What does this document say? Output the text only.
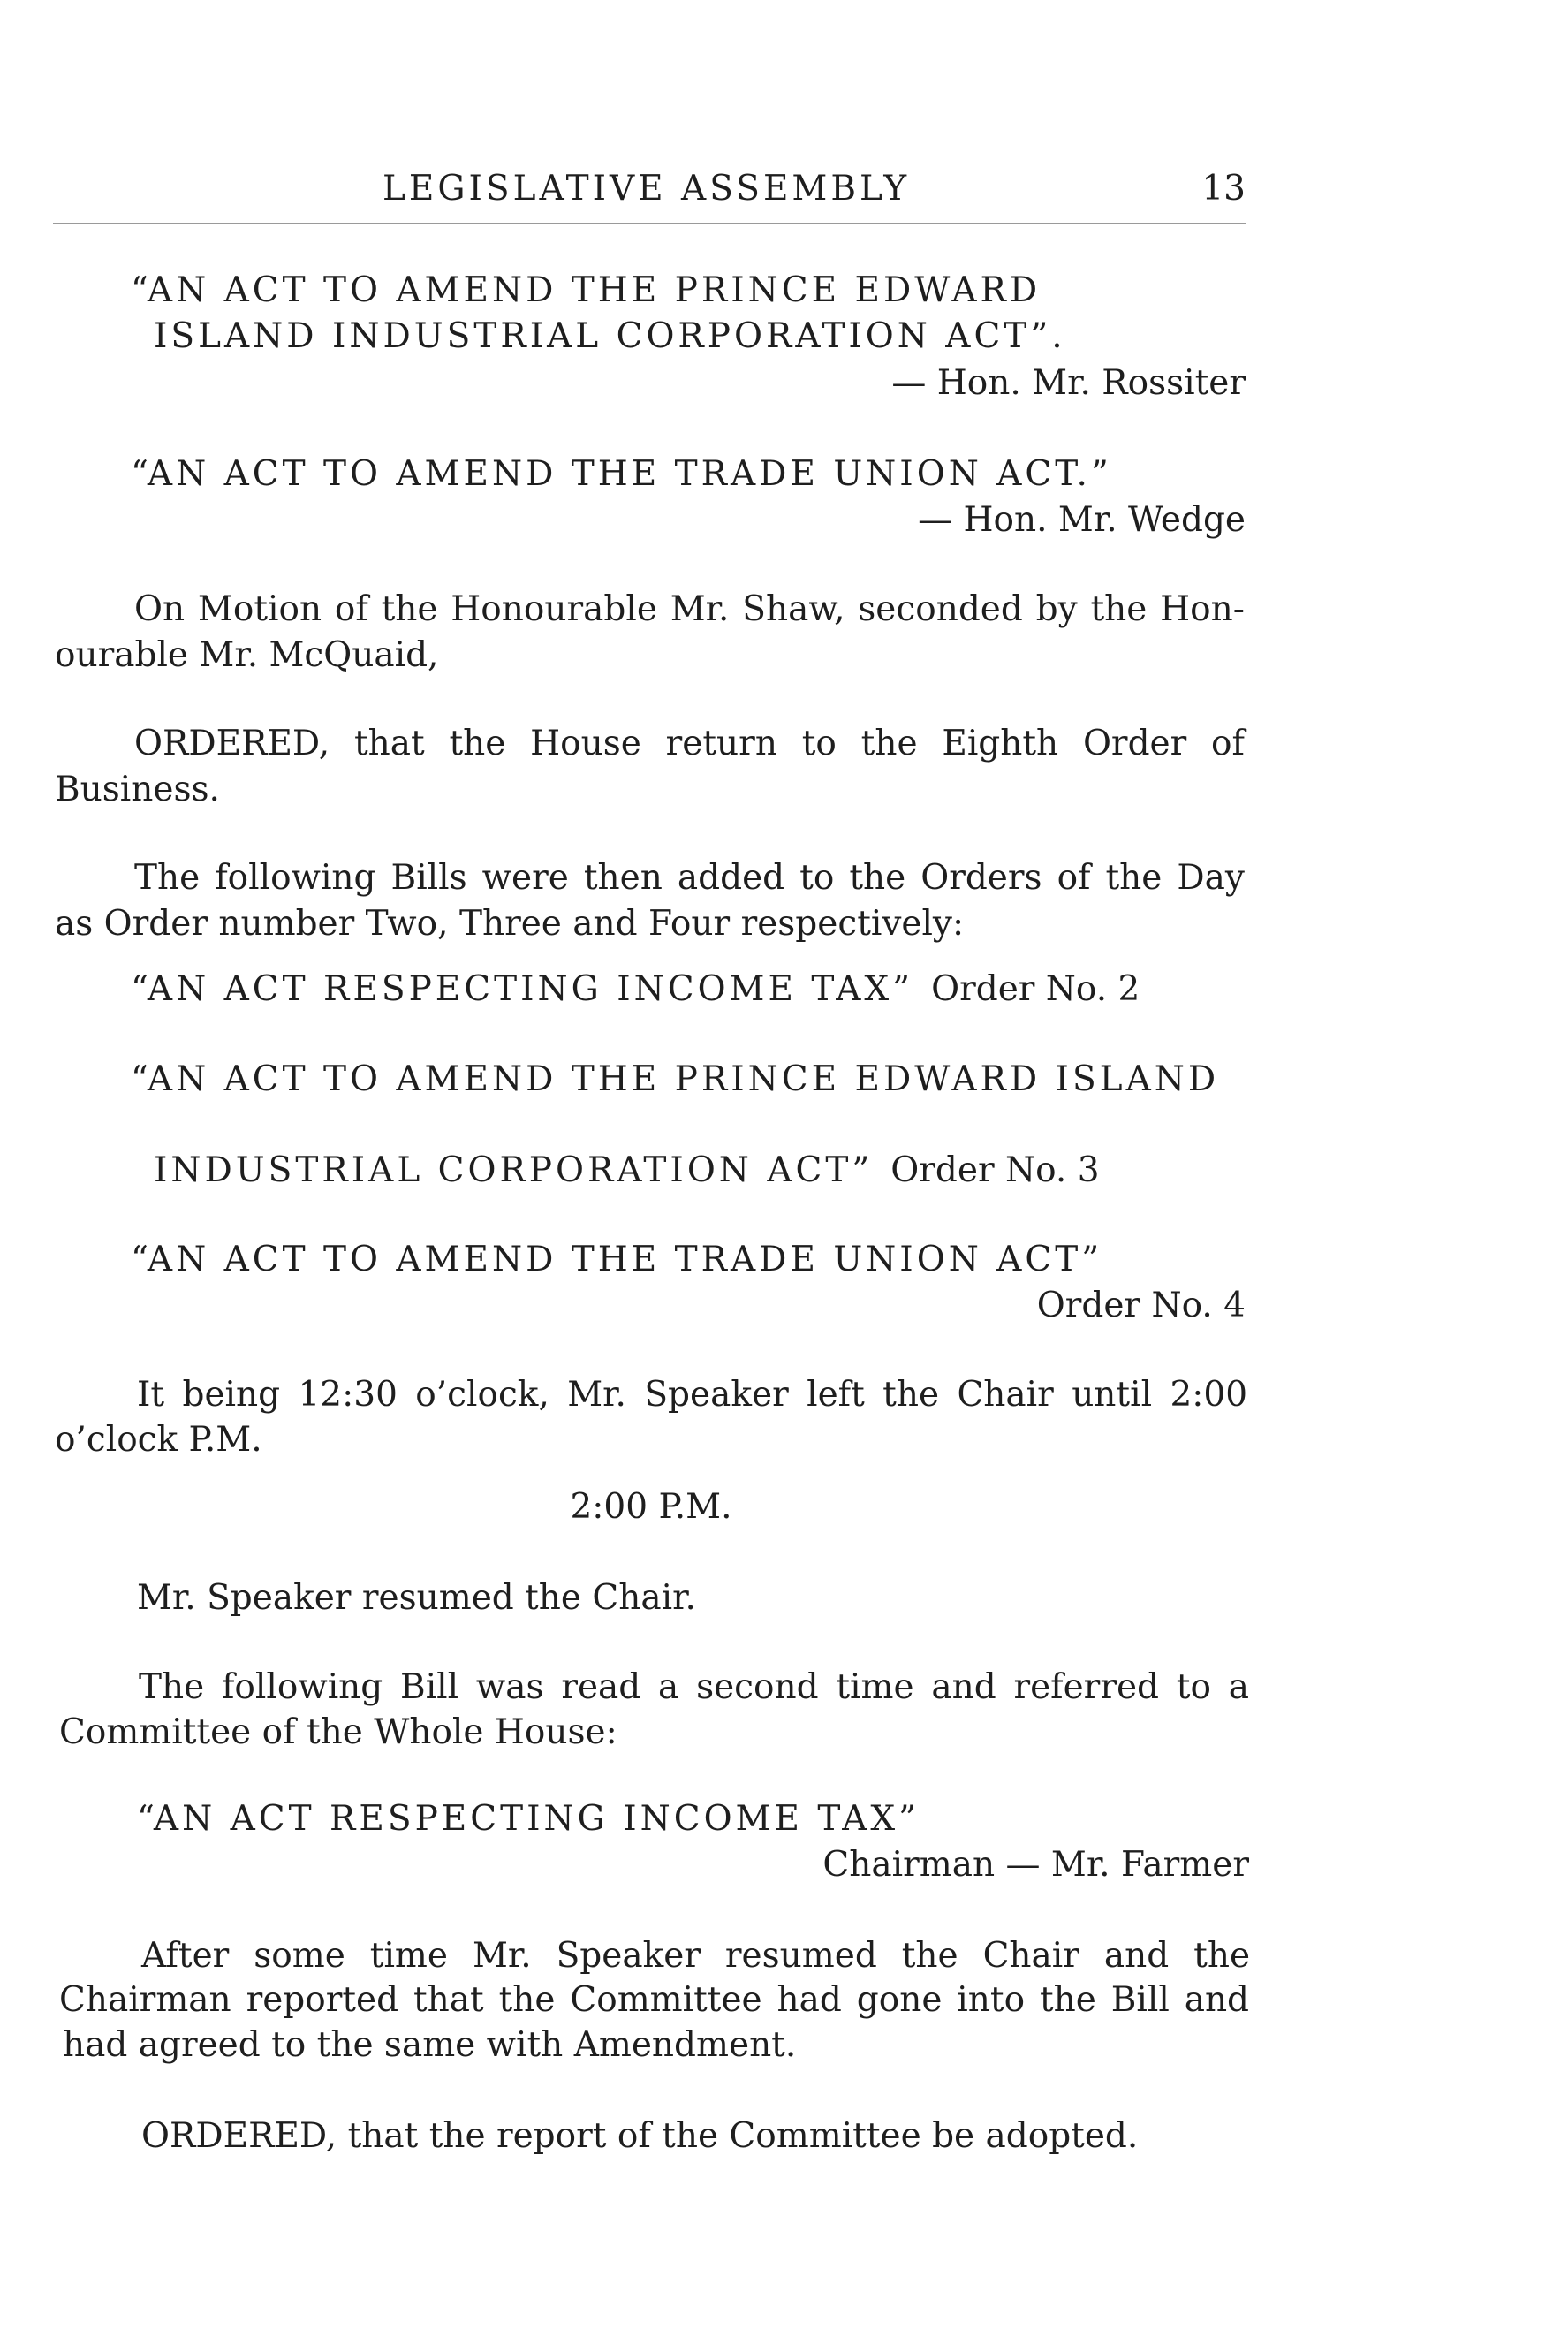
LEGISLATIVE ASSEMBLY	13
“AN ACT TO AMEND THE PRINCE EDWARD
ISLAND INDUSTRIAL CORPORATION ACT”.
— Hon. Mr. Rossiter
“AN ACT TO AMEND THE TRADE UNION ACT.”
— Hon. Mr. Wedge
On Motion of the Honourable Mr. Shaw, seconded by the Hon-
ourable Mr. McQuaid,
ORDERED, that the House return to the Eighth Order of
Business.
The following Bills were then added to the Orders of the Day
as Order number Two, Three and Four respectively:
“AN ACT RESPECTING INCOME TAX” Order No. 2
“AN ACT TO AMEND THE PRINCE EDWARD ISLAND
INDUSTRIAL CORPORATION ACT” Order No. 3
“AN ACT TO AMEND THE TRADE UNION ACT”
Order No. 4
It being 12:30 o’clock, Mr. Speaker left the Chair until 2:00
o’clock P.M.
2:00 P.M.
Mr. Speaker resumed the Chair.
The following Bill was read a second time and referred to a
Committee of the Whole House:
“AN ACT RESPECTING INCOME TAX”
Chairman — Mr. Farmer
After some time Mr. Speaker resumed the Chair and the
Chairman reported that the Committee had gone into the Bill and
had agreed to the same with Amendment.
ORDERED, that the report of the Committee be adopted.
